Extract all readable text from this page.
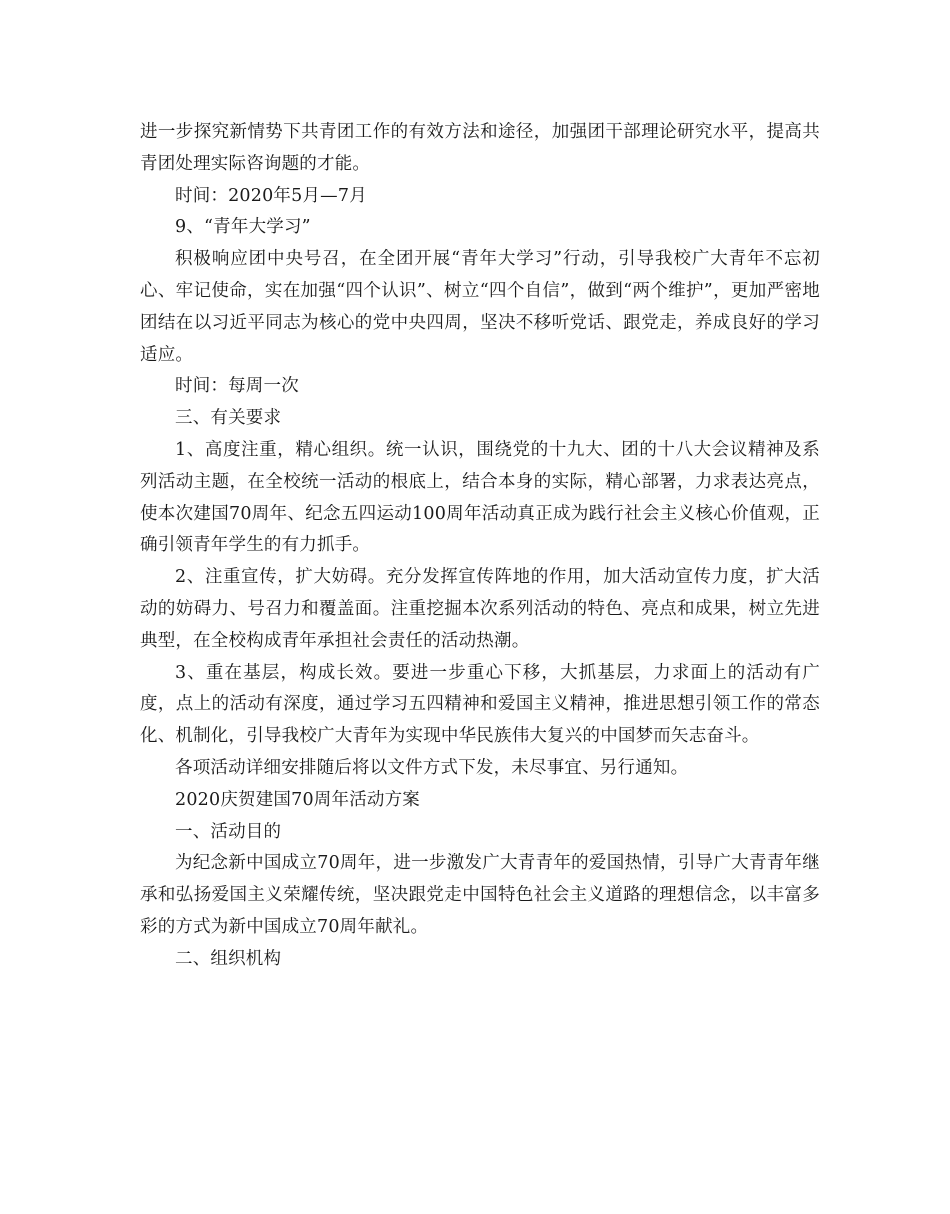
进一步探究新情势下共青团工作的有效方法和途径，加强团干部理论研究水平，提高共青团处理实际咨询题的才能。

时间：2020年5月—7月

9、“青年大学习”

积极响应团中央号召，在全团开展“青年大学习”行动，引导我校广大青年不忘初心、牢记使命，实在加强“四个认识”、树立“四个自信”，做到“两个维护”，更加严密地团结在以习近平同志为核心的党中央四周，坚决不移听党话、跟党走，养成良好的学习适应。

时间：每周一次

三、有关要求

1、高度注重，精心组织。统一认识，围绕党的十九大、团的十八大会议精神及系列活动主题，在全校统一活动的根底上，结合本身的实际，精心部署，力求表达亮点，使本次建国70周年、纪念五四运动100周年活动真正成为践行社会主义核心价值观，正确引领青年学生的有力抓手。

2、注重宣传，扩大妨碍。充分发挥宣传阵地的作用，加大活动宣传力度，扩大活动的妨碍力、号召力和覆盖面。注重挖掘本次系列活动的特色、亮点和成果，树立先进典型，在全校构成青年承担社会责任的活动热潮。

3、重在基层，构成长效。要进一步重心下移，大抓基层，力求面上的活动有广度，点上的活动有深度，通过学习五四精神和爱国主义精神，推进思想引领工作的常态化、机制化，引导我校广大青年为实现中华民族伟大复兴的中国梦而矢志奋斗。

各项活动详细安排随后将以文件方式下发，未尽事宜、另行通知。

2020庆贺建国70周年活动方案

一、活动目的

为纪念新中国成立70周年，进一步激发广大青青年的爱国热情，引导广大青青年继承和弘扬爱国主义荣耀传统，坚决跟党走中国特色社会主义道路的理想信念，以丰富多彩的方式为新中国成立70周年献礼。

二、组织机构
